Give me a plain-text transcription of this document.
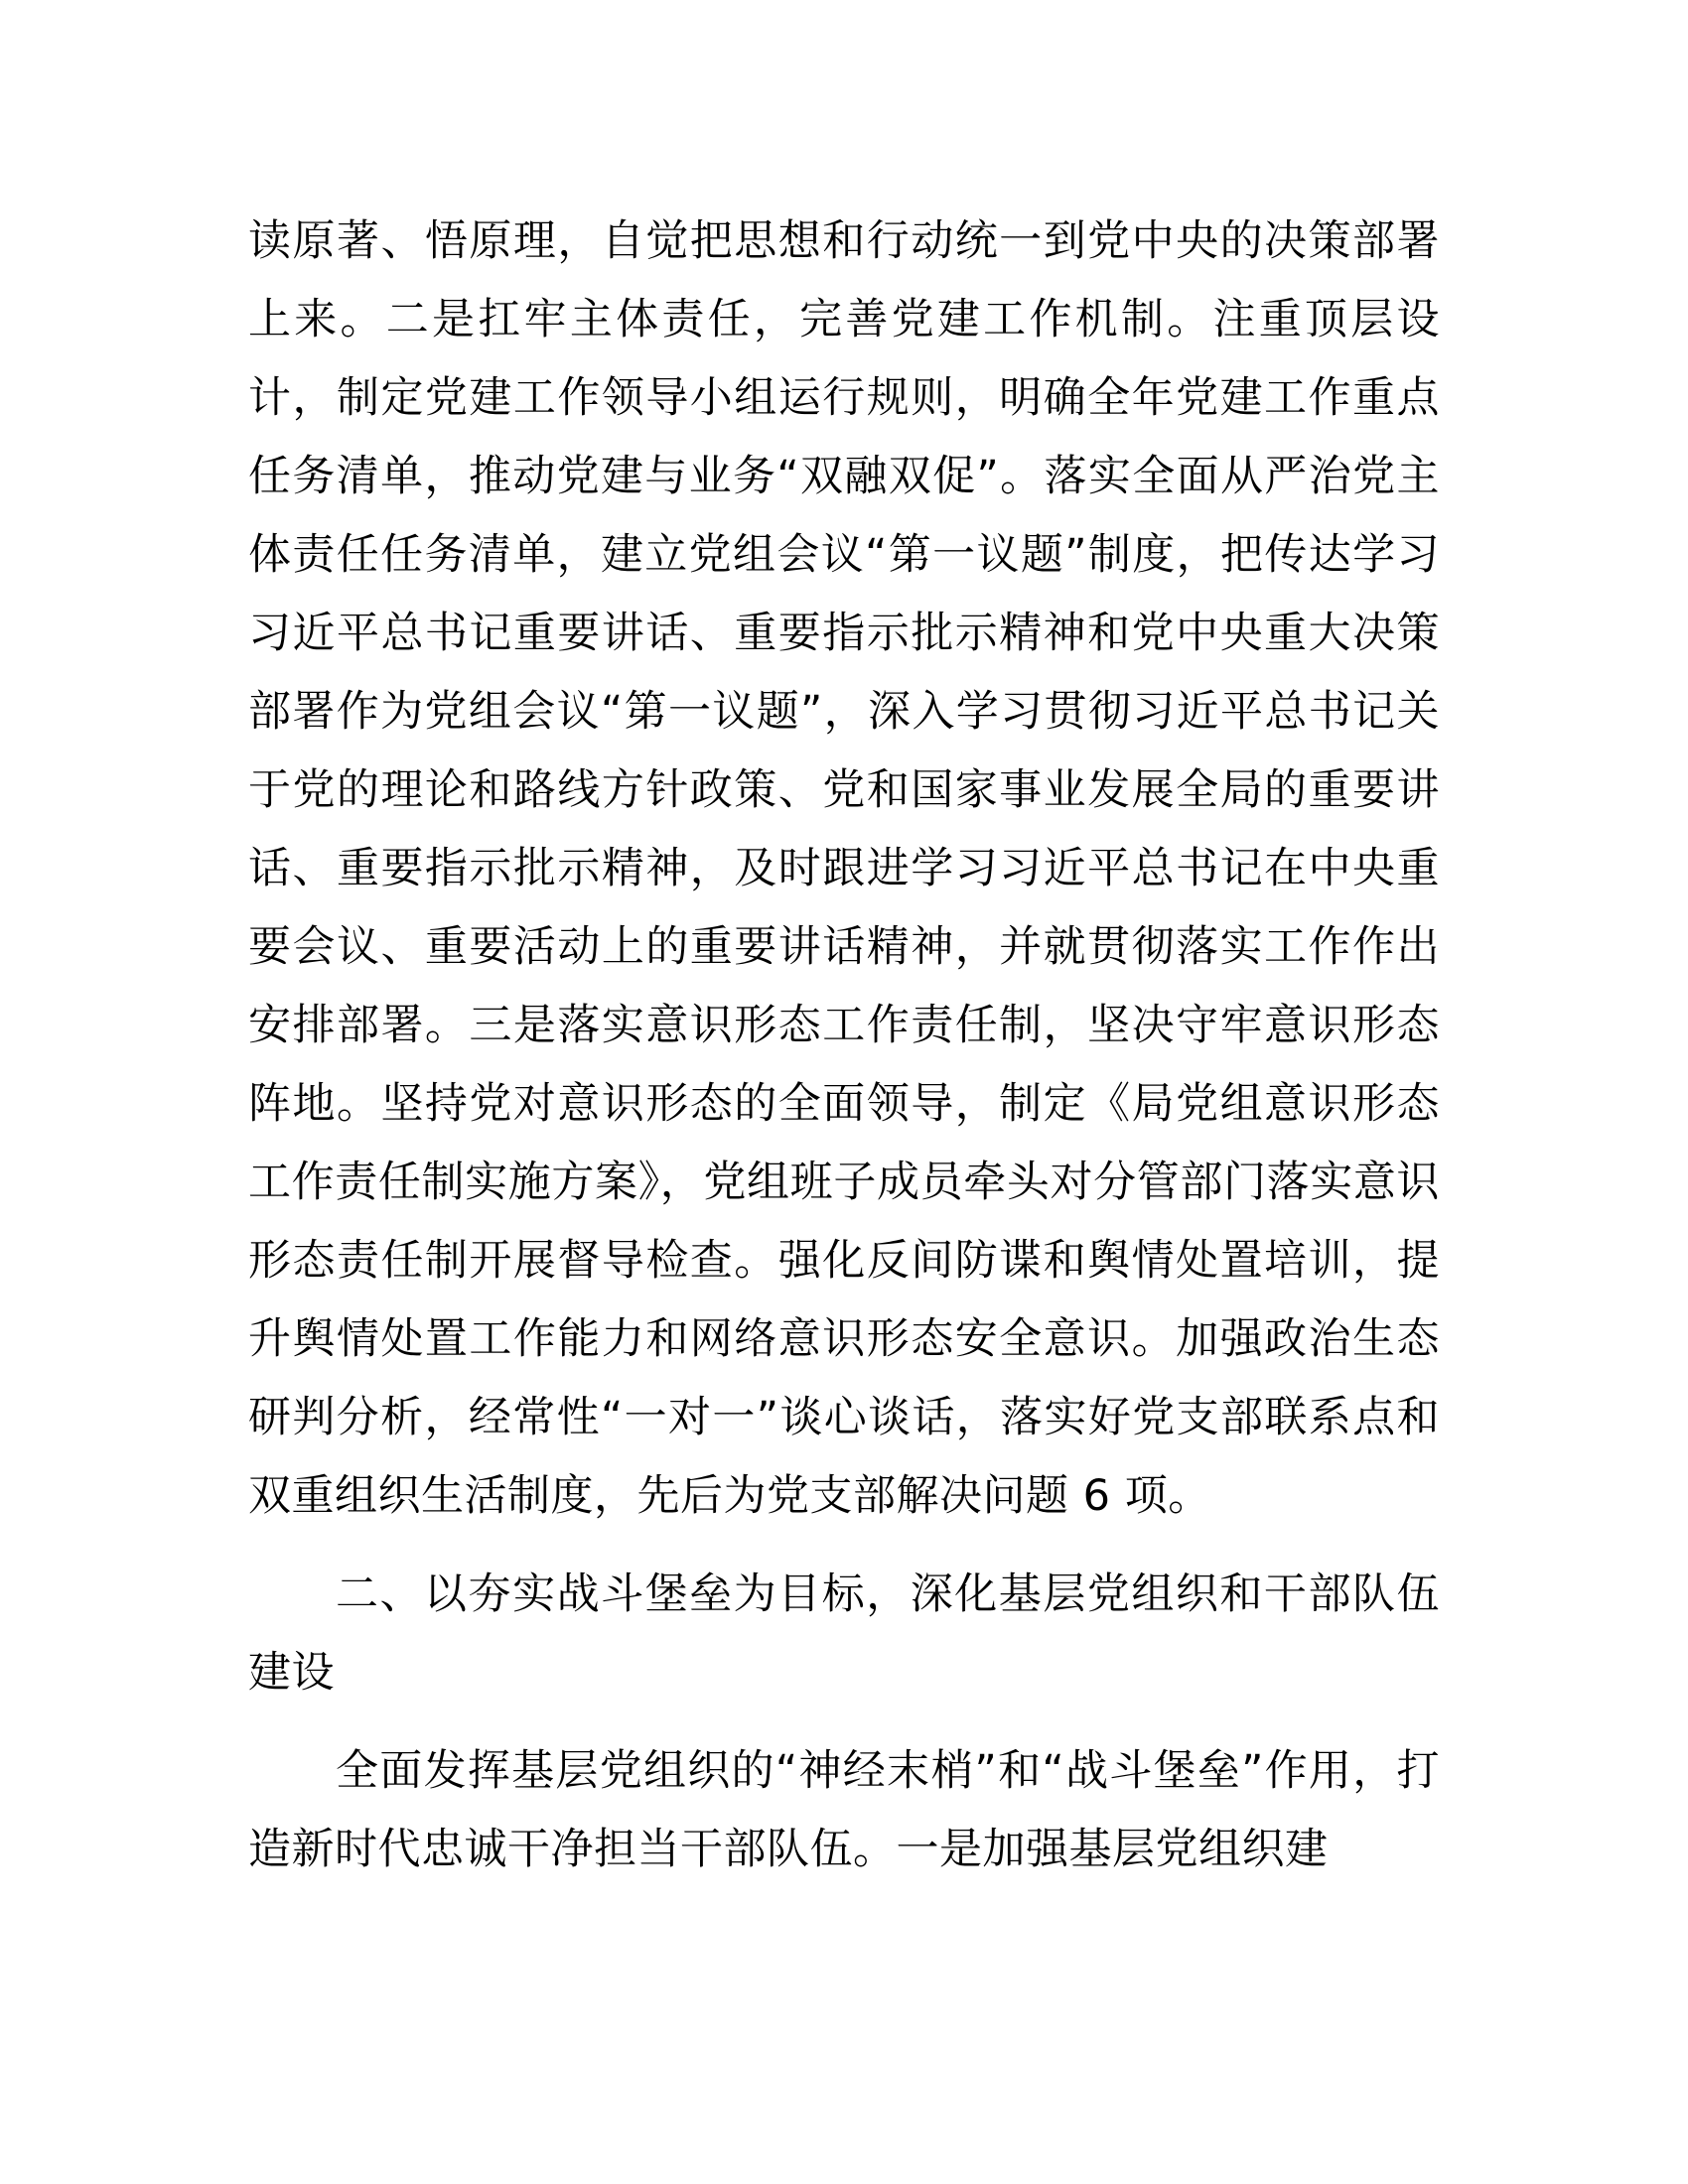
读原著、悟原理，自觉把思想和行动统一到党中央的决策部署上来。二是扛牢主体责任，完善党建工作机制。注重顶层设计，制定党建工作领导小组运行规则，明确全年党建工作重点任务清单，推动党建与业务“双融双促”。落实全面从严治党主体责任任务清单，建立党组会议“第一议题”制度，把传达学习习近平总书记重要讲话、重要指示批示精神和党中央重大决策部署作为党组会议“第一议题”，深入学习贯彻习近平总书记关于党的理论和路线方针政策、党和国家事业发展全局的重要讲话、重要指示批示精神，及时跟进学习习近平总书记在中央重要会议、重要活动上的重要讲话精神，并就贯彻落实工作作出安排部署。三是落实意识形态工作责任制，坚决守牢意识形态阵地。坚持党对意识形态的全面领导，制定《局党组意识形态工作责任制实施方案》，党组班子成员牵头对分管部门落实意识形态责任制开展督导检查。强化反间防谍和舆情处置培训，提升舆情处置工作能力和网络意识形态安全意识。加强政治生态研判分析，经常性“一对一”谈心谈话，落实好党支部联系点和双重组织生活制度，先后为党支部解决问题 6 项。

二、以夯实战斗堡垒为目标，深化基层党组织和干部队伍建设

全面发挥基层党组织的“神经末梢”和“战斗堡垒”作用，打造新时代忠诚干净担当干部队伍。一是加强基层党组织建
